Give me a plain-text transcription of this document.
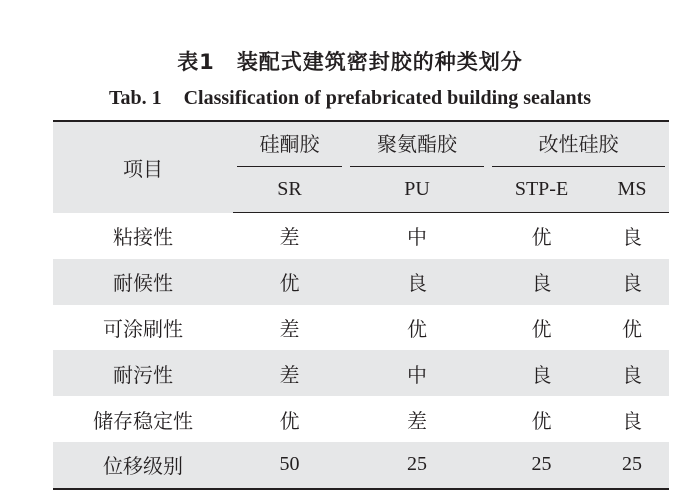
表1 装配式建筑密封胶的种类划分
Tab. 1 Classification of prefabricated building sealants
项目	硅酮胶	聚氨酯胶	改性硅胶	

	SR	PU	STP-E	MS
粘接性	差	中	优	良
耐候性	优	良	良	良
可涂刷性	差	优	优	优
耐污性	差	中	良	良
储存稳定性	优	差	优	良
位移级别	50	25	25	25
